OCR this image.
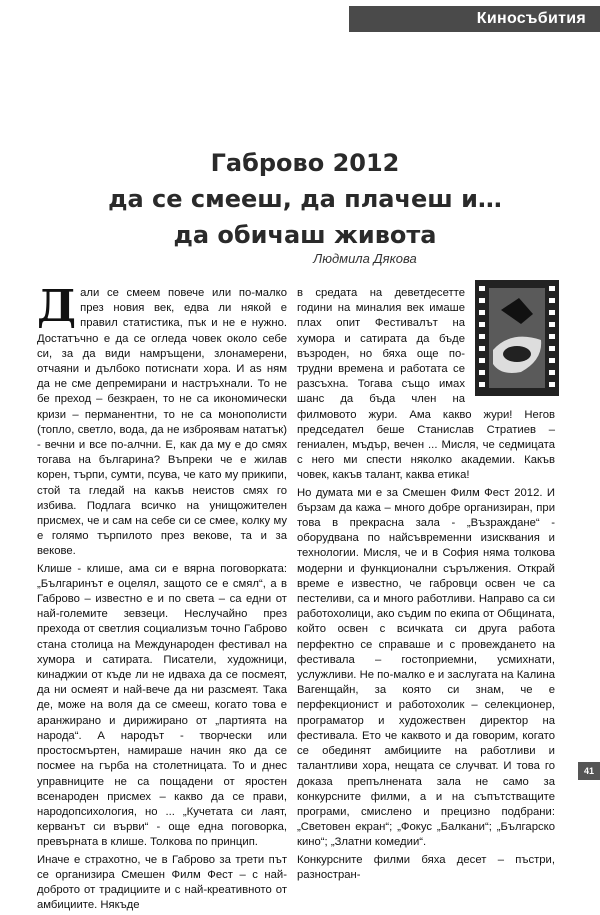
Киносъбития
Габрово 2012
да се смееш, да плачеш и…
да обичаш живота
Людмила Дякова

Дали се смеем повече или по-малко през новия век, едва ли някой е правил статистика, пък и не е нужно. Достатъчно е да се огледа човек около себе си, за да види намръщени, злонамерени, отчаяни и дълбоко потиснати хора. И as ням да не сме депремирани и настръхнали. То не бе преход – безкраен, то не са икономически кризи – перманентни, то не са монополисти (топло, светло, вода, да не изброявам нататък) - вечни и все по-алчни. Е, как да му е до смях тогава на българина? Въпреки че е жилав корен, търпи, сумти, псува, че като му прикипи, стой та гледай на какъв неистов смях го избива. Подлага всичко на унищожителен присмех, че и сам на себе си се смее, колку му е голямо търпилото през векове, та и за векове.

Клише - клише, ама си е вярна поговорката: „Българинът е оцелял, защото се е смял“, а в Габрово – известно е и по света – са едни от най-големите зевзеци. Неслучайно през прехода от светлия социализъм точно Габрово стана столица на Международен фестивал на хумора и сатирата. Писатели, художници, кинаджии от къде ли не идваха да се посмеят, да ни осмеят и най-вече да ни разсмеят. Така де, може на воля да се смееш, когато това е аранжирано и дирижирано от „партията на народа“. А народът - творчески или простосмъртен, намираше начин яко да се посмее на гърба на столетницата. То и днес управниците не са пощадени от яростен всенароден присмех – какво да се прави, народопсихология, но ... „Кучетата си лаят, керванът си върви“ - още една поговорка, превърната в клише. Толкова по принцип.

Иначе е страхотно, че в Габрово за трети път се организира Смешен Филм Фест – с най-доброто от традициите и с най-креативното от амбициите. Някъде

в средата на деветдесетте години на миналия век имаше плах опит Фестивалът на хумора и сатирата да бъде възроден, но бяха още по-трудни времена и работата се разсъхна. Тогава също имах шанс да бъда член на филмовото жури. Ама какво жури! Негов председател беше Станислав Стратиев – гениален, мъдър, вечен ... Мисля, че седмицата с него ми спести няколко академии. Какъв човек, какъв талант, каква етика!

Но думата ми е за Смешен Филм Фест 2012. И бързам да кажа – много добре организиран, при това в прекрасна зала - „Възраждане“ - оборудвана по найсъвременни изисквания и технологии. Мисля, че и в София няма толкова модерни и функционални сърължения. Открай време е известно, че габровци освен че са пестеливи, са и много работливи. Направо са си работохолици, ако съдим по екипа от Общината, който освен с всичката си друга работа перфектно се справаше и с провеждането на фестивала – гостоприемни, усмихнати, услужливи. Не по-малко е и заслугата на Калина Вагенщайн, за която си знам, че е перфекционист и работохолик – селекционер, програматор и художествен директор на фестивала. Ето че каквото и да говорим, когато се обединят амбициите на работливи и талантливи хора, нещата се случват. И това го доказа препълнената зала не само за конкурсните филми, а и на съпътстващите програми, смислено и прецизно подбрани: „Световен екран“; „Фокус „Балкани“; „Българско кино“; „Златни комедии“.

Конкурсните филми бяха десет – пъстри, разностран-

41
